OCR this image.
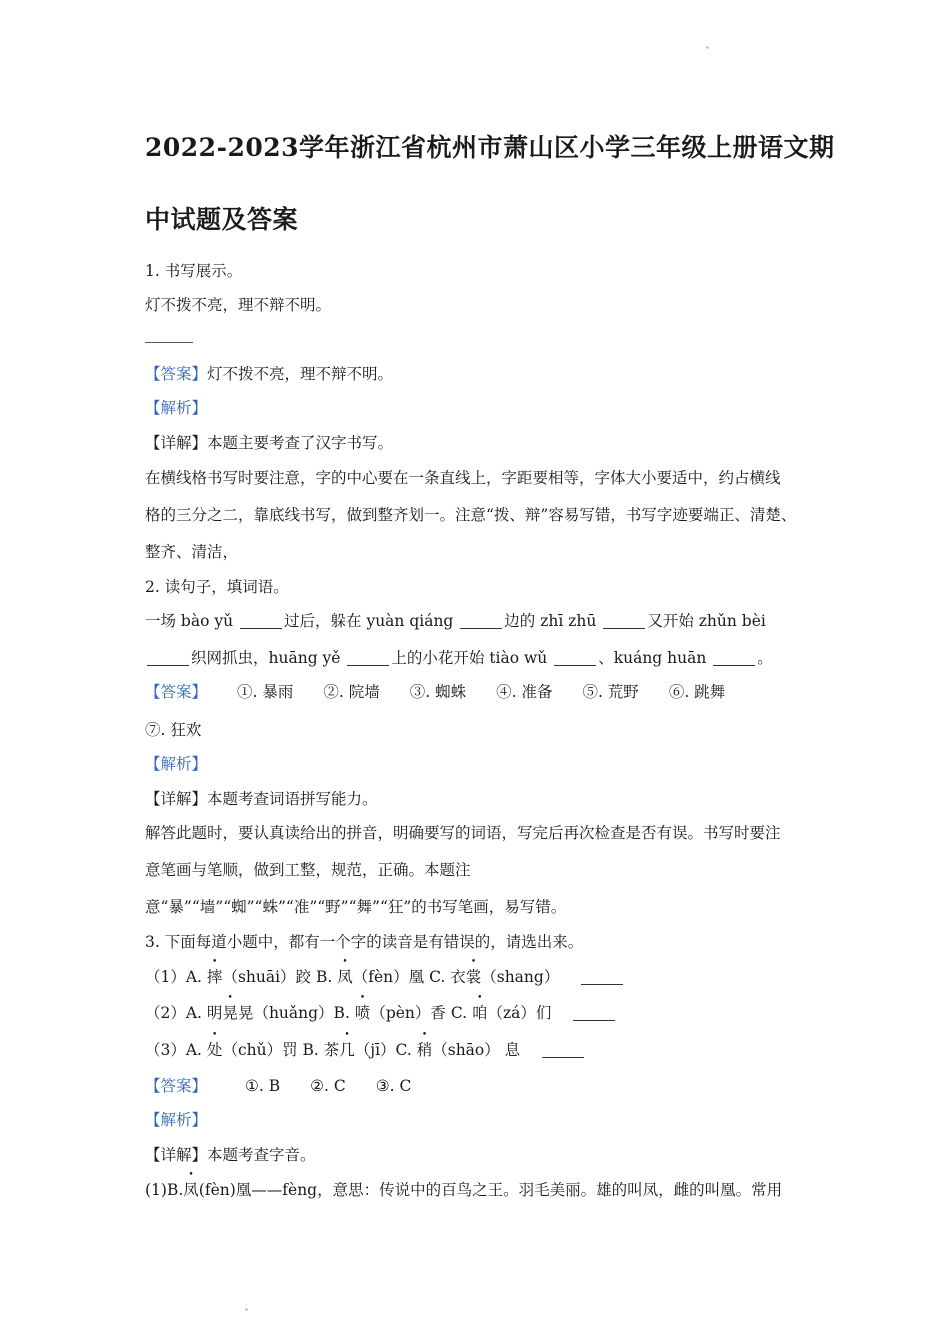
˯
2022-2023学年浙江省杭州市萧山区小学三年级上册语文期
中试题及答案
1. 书写展示。
灯不拨不亮，理不辩不明。
【答案】灯不拨不亮，理不辩不明。
【解析】
【详解】本题主要考查了汉字书写。
在横线格书写时要注意，字的中心要在一条直线上，字距要相等，字体大小要适中，约占横线
格的三分之二，靠底线书写，做到整齐划一。注意“拨、辩”容易写错，书写字迹要端正、清楚、
整齐、清洁，
2. 读句子，填词语。
一场 bào yǔ	过后，躲在 yuàn qiáng	边的 zhī zhū	又开始 zhǔn bèi
织网抓虫，huāng yě	上的小花开始 tiào wǔ	、kuáng huān	。
【答案】 ①. 暴雨 ②. 院墙 ③. 蜘蛛 ④. 准备 ⑤. 荒野 ⑥. 跳舞
⑦. 狂欢
【解析】
【详解】本题考查词语拼写能力。
解答此题时，要认真读给出的拼音，明确要写的词语，写完后再次检查是否有误。书写时要注
意笔画与笔顺，做到工整，规范，正确。本题注
意“暴”“墙”“蜘”“蛛”“准”“野”“舞”“狂”的书写笔画，易写错。
3. 下面每道小题中，都有一个字的读音是有错误的，请选出来。
（1）A. 摔（shuāi）跤 B. 凤（fèn）凰 C. 衣裳（shang）
（2）A. 明晃晃（huǎng）B. 喷（pèn）香 C. 咱（zá）们
（3）A. 处（chǔ）罚 B. 茶几（jī）C. 稍（shāo） 息
【答案】 ①. B ②. C ③. C
【解析】
【详解】本题考查字音。
(1)B.凤(fèn)凰——fèng，意思：传说中的百鸟之王。羽毛美丽。雄的叫凤，雌的叫凰。常用
˯
